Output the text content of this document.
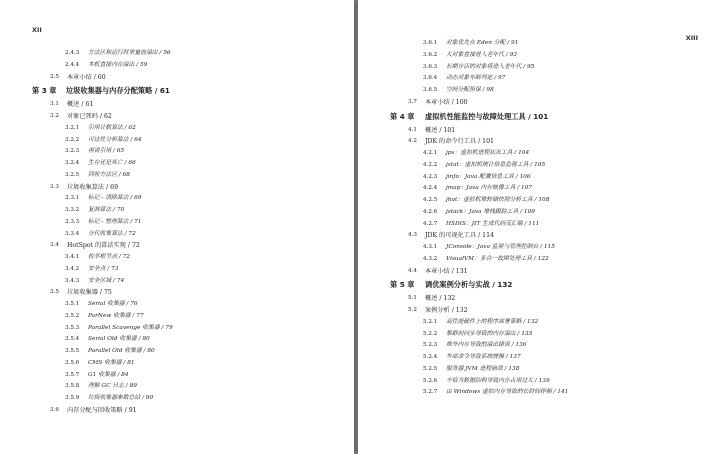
XII
2.4.3 方法区和运行时常量池溢出 / 56
2.4.4 本机直接内存溢出 / 59
2.5 本章小结 / 60
第 3 章 垃圾收集器与内存分配策略 / 61
3.1 概述 / 61
3.2 对象已死吗 / 62
3.2.1 引用计数算法 / 62
3.2.2 可达性分析算法 / 64
3.2.3 再谈引用 / 65
3.2.4 生存还是死亡 / 66
3.2.5 回收方法区 / 68
3.3 垃圾收集算法 / 69
3.3.1 标记 - 清除算法 / 69
3.3.2 复制算法 / 70
3.3.3 标记 - 整理算法 / 71
3.3.4 分代收集算法 / 72
3.4 HotSpot 的算法实现 / 72
3.4.1 枚举根节点 / 72
3.4.2 安全点 / 73
3.4.3 安全区域 / 74
3.5 垃圾收集器 / 75
3.5.1 Serial 收集器 / 76
3.5.2 ParNew 收集器 / 77
3.5.3 Parallel Scavenge 收集器 / 79
3.5.4 Serial Old 收集器 / 80
3.5.5 Parallel Old 收集器 / 80
3.5.6 CMS 收集器 / 81
3.5.7 G1 收集器 / 84
3.5.8 理解 GC 日志 / 89
3.5.9 垃圾收集器参数总结 / 90
3.6 内存分配与回收策略 / 91
XIII
3.6.1 对象优先在 Eden 分配 / 91
3.6.2 大对象直接进入老年代 / 93
3.6.3 长期存活的对象将进入老年代 / 95
3.6.4 动态对象年龄判定 / 97
3.6.5 空间分配担保 / 98
3.7 本章小结 / 100
第 4 章 虚拟机性能监控与故障处理工具 / 101
4.1 概述 / 101
4.2 JDK 的命令行工具 / 101
4.2.1 jps：虚拟机进程状况工具 / 104
4.2.2 jstat：虚拟机统计信息监视工具 / 105
4.2.3 jinfo：Java 配置信息工具 / 106
4.2.4 jmap：Java 内存映像工具 / 107
4.2.5 jhat：虚拟机堆转储快照分析工具 / 108
4.2.6 jstack：Java 堆栈跟踪工具 / 109
4.2.7 HSDIS：JIT 生成代码反汇编 / 111
4.3 JDK 的可视化工具 / 114
4.3.1 JConsole：Java 监视与管理控制台 / 115
4.3.2 VisualVM：多合一故障处理工具 / 122
4.4 本章小结 / 131
第 5 章 调优案例分析与实战 / 132
5.1 概述 / 132
5.2 案例分析 / 132
5.2.1 高性能硬件上的程序部署策略 / 132
5.2.2 集群间同步导致的内存溢出 / 135
5.2.3 堆外内存导致的溢出错误 / 136
5.2.4 外部命令导致系统缓慢 / 137
5.2.5 服务器 JVM 进程崩溃 / 138
5.2.6 不恰当数据结构导致内存占用过大 / 139
5.2.7 由 Windows 虚拟内存导致的长时间停顿 / 141
